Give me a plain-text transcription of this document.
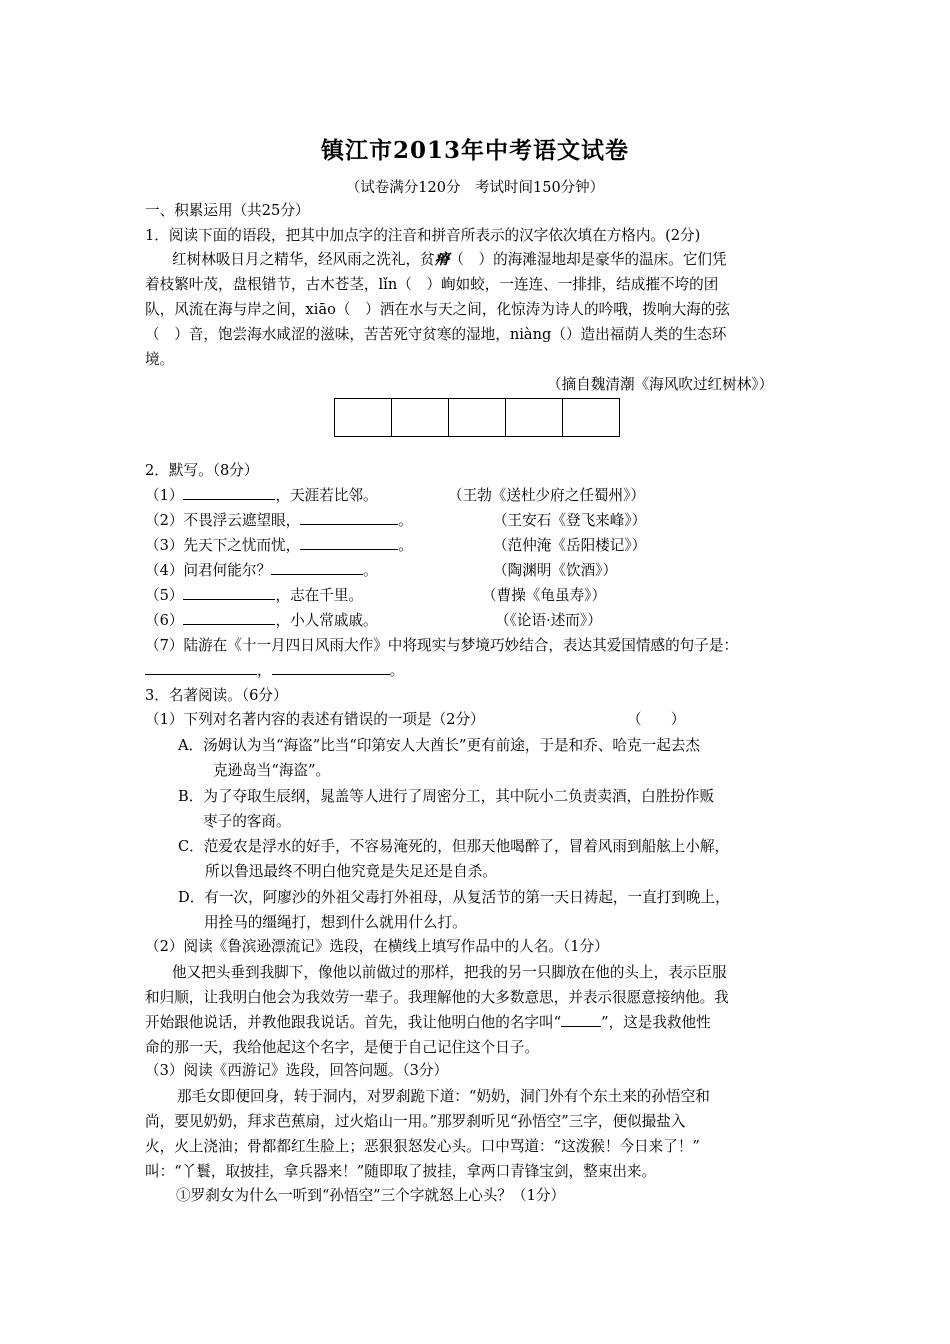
镇江市2013年中考语文试卷
（试卷满分120分　考试时间150分钟）
一、积累运用（共25分）
1．阅读下面的语段，把其中加点字的注音和拼音所表示的汉字依次填在方格内。(2分)
红树林吸日月之精华，经风雨之洗礼，贫瘠（　）的海滩湿地却是豪华的温床。它们凭
着枝繁叶茂，盘根错节，古木苍茎，lǐn（　）峋如蛟，一连连、一排排，结成摧不垮的团
队，风流在海与岸之间，xiāo（　）洒在水与天之间，化惊涛为诗人的吟哦，拨响大海的弦
（　）音，饱尝海水咸涩的滋味，苦苦死守贫寒的湿地，niàng（）造出福荫人类的生态环
境。
（摘自魏清潮《海风吹过红树林》）
2．默写。（8分）
（1）	，天涯若比邻。	（王勃《送杜少府之任蜀州》）
（2）不畏浮云遮望眼，	。	（王安石《登飞来峰》）
（3）先天下之忧而忧，	。	（范仲淹《岳阳楼记》）
（4）问君何能尔？	。	（陶渊明《饮酒》）
（5）	，志在千里。	（曹操《龟虽寿》）
（6）	，小人常戚戚。	（《论语·述而》）
（7）陆游在《十一月四日风雨大作》中将现实与梦境巧妙结合，表达其爱国情感的句子是：
，	。
3．名著阅读。（6分）
（1）下列对名著内容的表述有错误的一项是（2分）	（　　）
A．汤姆认为当“海盗”比当“印第安人大酋长”更有前途，于是和乔、哈克一起去杰
克逊岛当“海盗”。
B．为了夺取生辰纲，晁盖等人进行了周密分工，其中阮小二负责卖酒，白胜扮作贩
枣子的客商。
C．范爱农是浮水的好手，不容易淹死的，但那天他喝醉了，冒着风雨到船舷上小解，
所以鲁迅最终不明白他究竟是失足还是自杀。
D．有一次，阿廖沙的外祖父毒打外祖母，从复活节的第一天日祷起，一直打到晚上，
用拴马的缰绳打，想到什么就用什么打。
（2）阅读《鲁滨逊漂流记》选段，在横线上填写作品中的人名。（1分）
他又把头垂到我脚下，像他以前做过的那样，把我的另一只脚放在他的头上，表示臣服
和归顺，让我明白他会为我效劳一辈子。我理解他的大多数意思，并表示很愿意接纳他。我
开始跟他说话，并教他跟我说话。首先，我让他明白他的名字叫“	”，这是我救他性
命的那一天，我给他起这个名字，是便于自己记住这个日子。
（3）阅读《西游记》选段，回答问题。（3分）
那毛女即便回身，转于洞内，对罗刹跪下道：“奶奶，洞门外有个东土来的孙悟空和
尚，要见奶奶，拜求芭蕉扇，过火焰山一用。”那罗刹听见“孙悟空”三字，便似撮盐入
火，火上浇油；骨都都红生脸上；恶狠狠怒发心头。口中骂道：“这泼猴！今日来了！”
叫：“丫鬟，取披挂，拿兵器来！”随即取了披挂，拿两口青锋宝剑，整束出来。
①罗刹女为什么一听到“孙悟空”三个字就怒上心头？（1分）
